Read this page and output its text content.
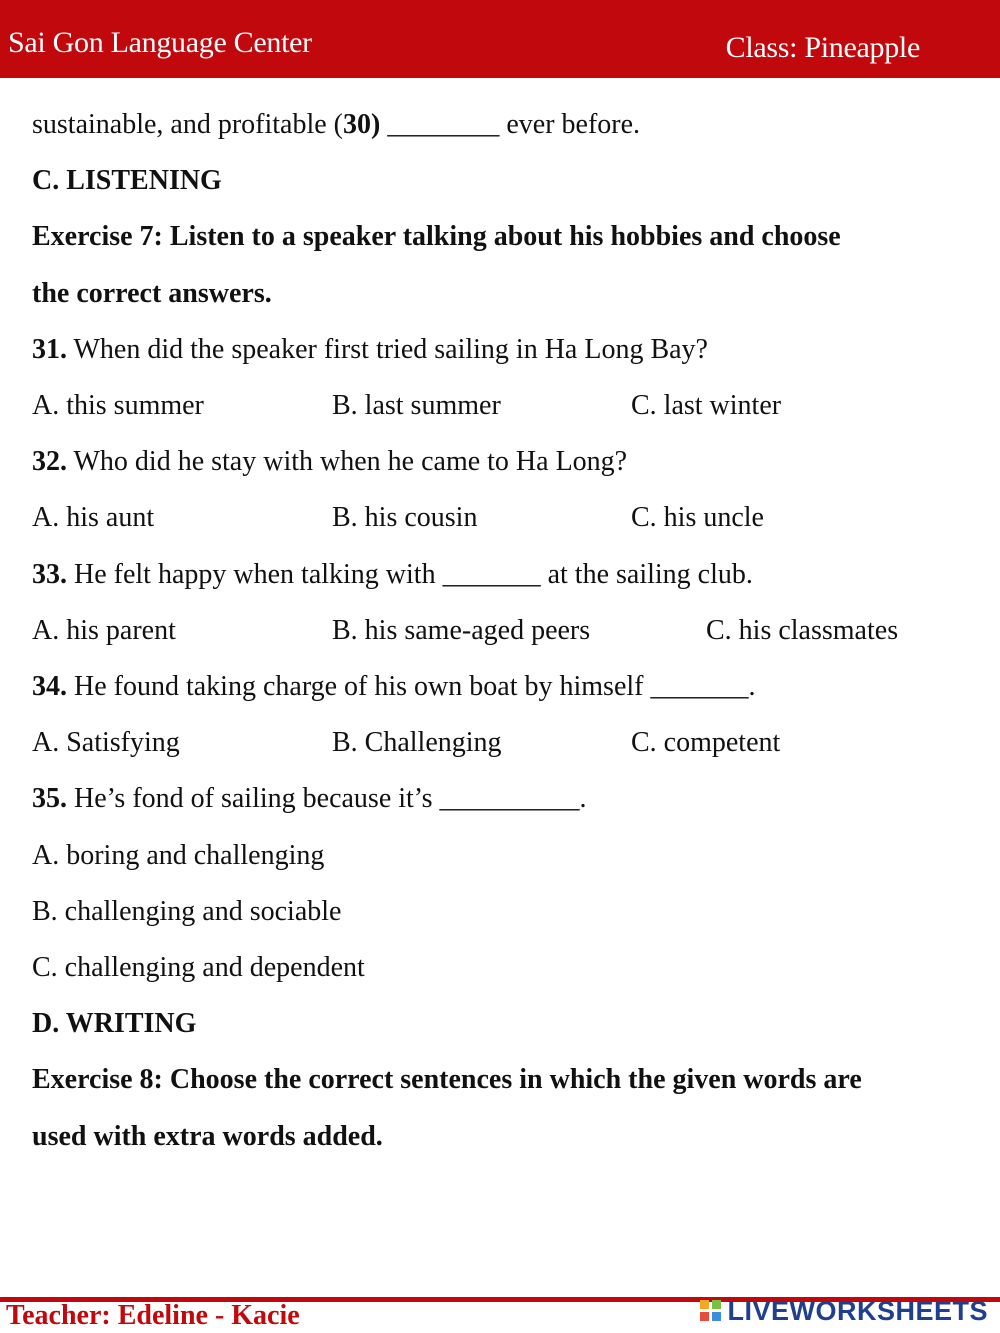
Sai Gon Language Center	Class: Pineapple
sustainable, and profitable (30) ________ ever before.
C. LISTENING
Exercise 7: Listen to a speaker talking about his hobbies and choose
the correct answers.
31. When did the speaker first tried sailing in Ha Long Bay?
A. this summer	B. last summer	C. last winter
32. Who did he stay with when he came to Ha Long?
A. his aunt	B. his cousin	C. his uncle
33. He felt happy when talking with _______ at the sailing club.
A. his parent	B. his same-aged peers	C. his classmates
34. He found taking charge of his own boat by himself _______.
A. Satisfying	B. Challenging	C. competent
35. He’s fond of sailing because it’s __________.
A. boring and challenging
B. challenging and sociable
C. challenging and dependent
D. WRITING
Exercise 8: Choose the correct sentences in which the given words are
used with extra words added.
Teacher: Edeline - Kacie	LIVEWORKSHEETS
